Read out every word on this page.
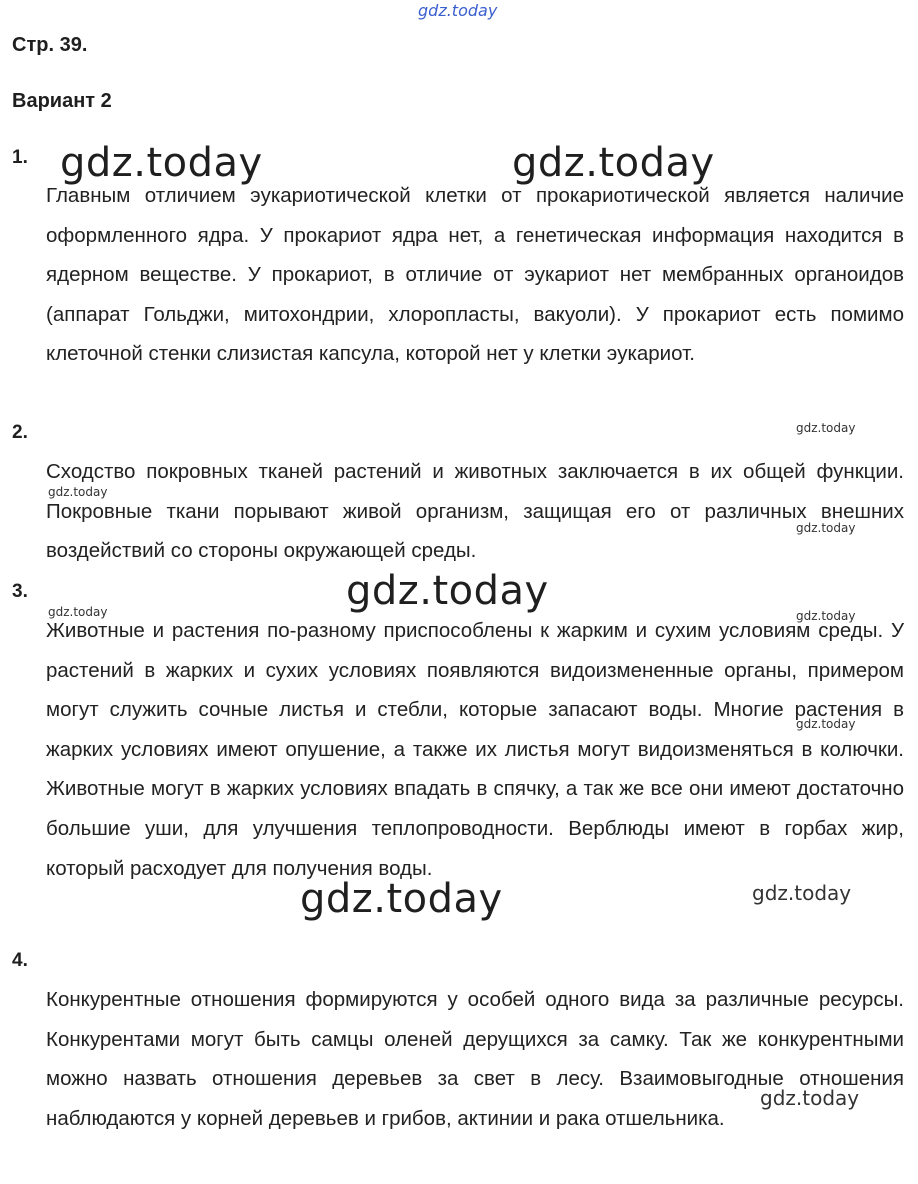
gdz.today
Стр. 39.
Вариант 2
1.

Главным отличием эукариотической клетки от прокариотической является наличие оформленного ядра. У прокариот ядра нет, а генетическая информация находится в ядерном веществе. У прокариот, в отличие от эукариот нет мембранных органоидов (аппарат Гольджи, митохондрии, хлоропласты, вакуоли). У прокариот есть помимо клеточной стенки слизистая капсула, которой нет у клетки эукариот.

2.

Сходство покровных тканей растений и животных заключается в их общей функции. Покровные ткани порывают живой организм, защищая его от различных внешних воздействий со стороны окружающей среды.

3.

Животные и растения по-разному приспособлены к жарким и сухим условиям среды. У растений в жарких и сухих условиях появляются видоизмененные органы, примером могут служить сочные листья и стебли, которые запасают воды. Многие растения в жарких условиях имеют опушение, а также их листья могут видоизменяться в колючки. Животные могут в жарких условиях впадать в спячку, а так же все они имеют достаточно большие уши, для улучшения теплопроводности. Верблюды имеют в горбах жир, который расходует для получения воды.

4.

Конкурентные отношения формируются у особей одного вида за различные ресурсы. Конкурентами могут быть самцы оленей дерущихся за самку. Так же конкурентными можно назвать отношения деревьев за свет в лесу. Взаимовыгодные отношения наблюдаются у корней деревьев и грибов, актинии и рака отшельника.

gdz.today	gdz.today
gdz.today
gdz.today
gdz.today
gdz.today
gdz.today	gdz.today
gdz.today
gdz.today	gdz.today
gdz.today
